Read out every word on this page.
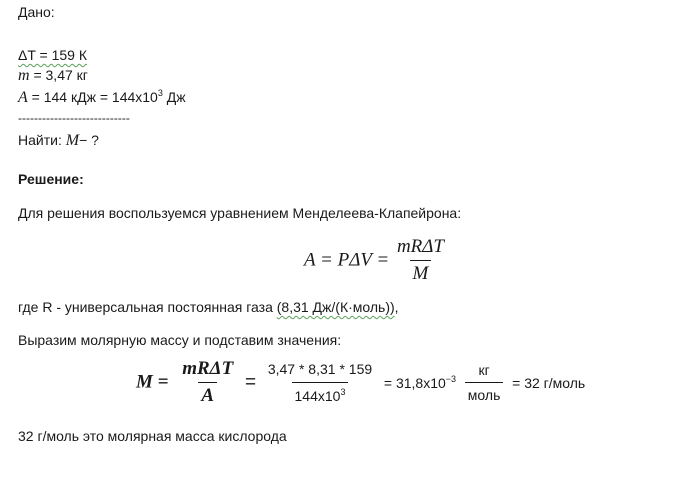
Дано:
ΔT = 159 К
m = 3,47 кг
A = 144 кДж = $144x10^3$ Дж
----------------------------
Найти: M− ?
Решение:
Для решения воспользуемся уравнением Менделеева-Клапейрона:
$A = P\Delta V = \frac{\text{mRΔT}}{M}$
где R - универсальная постоянная газа (8,31 Дж/(К·моль)),
Выразим молярную массу и подставим значения:
$M = \frac{\text{mRΔT}}{A} = \frac{3,47 * 8,31 * 159}{144x10^3} = 31,8x10^{-3} \frac{кг}{\text{моль}} = 32$ г/моль
32 г/моль это молярная масса кислорода
